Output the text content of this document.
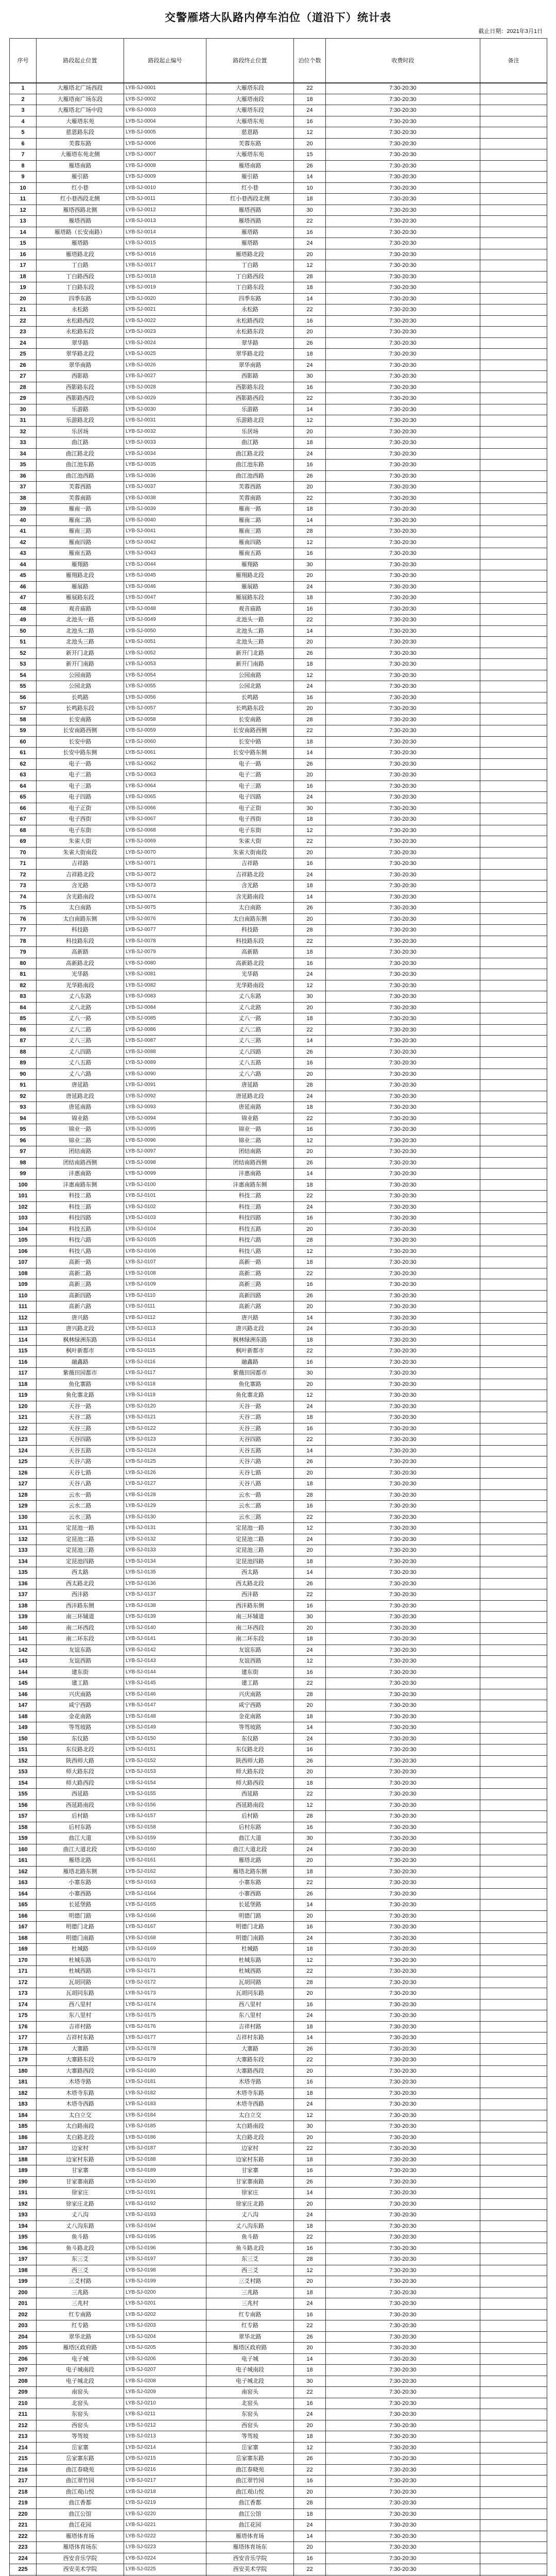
交警雁塔大队路内停车泊位（道沿下）统计表
截止日期：2021年3月1日
序号	路段起止位置	路段起止编号	路段终止位置	泊位个数	收费时段	备注
1	大雁塔北广场西段	LYB-SJ-0001	大雁塔东段	22	7:30-20:30	
2	大雁塔南广场东段	LYB-SJ-0002	大雁塔南段	18	7:30-20:30	
3	大雁塔北广场中段	LYB-SJ-0003	大雁塔东段	24	7:30-20:30	
4	大雁塔东苑	LYB-SJ-0004	大雁塔东苑	16	7:30-20:30	
5	慈恩路东段	LYB-SJ-0005	慈恩路	12	7:30-20:30	
6	芙蓉东路	LYB-SJ-0006	芙蓉东路	20	7:30-20:30	
7	大雁塔东苑北侧	LYB-SJ-0007	大雁塔东苑	15	7:30-20:30	
8	雁塔南路	LYB-SJ-0008	雁塔南路	26	7:30-20:30	
9	雁引路	LYB-SJ-0009	雁引路	14	7:30-20:30	
10	红小巷	LYB-SJ-0010	红小巷	10	7:30-20:30	
11	红小巷西段北侧	LYB-SJ-0011	红小巷西段北侧	18	7:30-20:30	
12	雁塔西路北侧	LYB-SJ-0012	雁塔西路	30	7:30-20:30	
13	雁塔西路	LYB-SJ-0013	雁塔西路	22	7:30-20:30	
14	雁塔路（长安南路）	LYB-SJ-0014	雁塔路	16	7:30-20:30	
15	雁塔路	LYB-SJ-0015	雁塔路	24	7:30-20:30	
16	雁塔路北段	LYB-SJ-0016	雁塔路北段	20	7:30-20:30	
17	丁白路	LYB-SJ-0017	丁白路	12	7:30-20:30	
18	丁白路西段	LYB-SJ-0018	丁白路西段	28	7:30-20:30	
19	丁白路东段	LYB-SJ-0019	丁白路东段	18	7:30-20:30	
20	四季东路	LYB-SJ-0020	四季东路	14	7:30-20:30	
21	永松路	LYB-SJ-0021	永松路	22	7:30-20:30	
22	永松路西段	LYB-SJ-0022	永松路西段	16	7:30-20:30	
23	永松路东段	LYB-SJ-0023	永松路东段	20	7:30-20:30	
24	翠华路	LYB-SJ-0024	翠华路	26	7:30-20:30	
25	翠华路北段	LYB-SJ-0025	翠华路北段	18	7:30-20:30	
26	翠华南路	LYB-SJ-0026	翠华南路	24	7:30-20:30	
27	西影路	LYB-SJ-0027	西影路	30	7:30-20:30	
28	西影路东段	LYB-SJ-0028	西影路东段	16	7:30-20:30	
29	西影路西段	LYB-SJ-0029	西影路西段	22	7:30-20:30	
30	乐游路	LYB-SJ-0030	乐游路	14	7:30-20:30	
31	乐游路北段	LYB-SJ-0031	乐游路北段	12	7:30-20:30	
32	乐居场	LYB-SJ-0032	乐居场	20	7:30-20:30	
33	曲江路	LYB-SJ-0033	曲江路	18	7:30-20:30	
34	曲江路北段	LYB-SJ-0034	曲江路北段	24	7:30-20:30	
35	曲江池东路	LYB-SJ-0035	曲江池东路	16	7:30-20:30	
36	曲江池西路	LYB-SJ-0036	曲江池西路	26	7:30-20:30	
37	芙蓉西路	LYB-SJ-0037	芙蓉西路	20	7:30-20:30	
38	芙蓉南路	LYB-SJ-0038	芙蓉南路	22	7:30-20:30	
39	雁南一路	LYB-SJ-0039	雁南一路	18	7:30-20:30	
40	雁南二路	LYB-SJ-0040	雁南二路	14	7:30-20:30	
41	雁南三路	LYB-SJ-0041	雁南三路	28	7:30-20:30	
42	雁南四路	LYB-SJ-0042	雁南四路	12	7:30-20:30	
43	雁南五路	LYB-SJ-0043	雁南五路	16	7:30-20:30	
44	雁翔路	LYB-SJ-0044	雁翔路	30	7:30-20:30	
45	雁翔路北段	LYB-SJ-0045	雁翔路北段	20	7:30-20:30	
46	雁展路	LYB-SJ-0046	雁展路	24	7:30-20:30	
47	雁展路东段	LYB-SJ-0047	雁展路东段	18	7:30-20:30	
48	观音庙路	LYB-SJ-0048	观音庙路	16	7:30-20:30	
49	北池头一路	LYB-SJ-0049	北池头一路	22	7:30-20:30	
50	北池头二路	LYB-SJ-0050	北池头二路	14	7:30-20:30	
51	北池头三路	LYB-SJ-0051	北池头三路	20	7:30-20:30	
52	新开门北路	LYB-SJ-0052	新开门北路	26	7:30-20:30	
53	新开门南路	LYB-SJ-0053	新开门南路	18	7:30-20:30	
54	公园南路	LYB-SJ-0054	公园南路	12	7:30-20:30	
55	公园北路	LYB-SJ-0055	公园北路	24	7:30-20:30	
56	长鸣路	LYB-SJ-0056	长鸣路	16	7:30-20:30	
57	长鸣路东段	LYB-SJ-0057	长鸣路东段	20	7:30-20:30	
58	长安南路	LYB-SJ-0058	长安南路	28	7:30-20:30	
59	长安南路西侧	LYB-SJ-0059	长安南路西侧	22	7:30-20:30	
60	长安中路	LYB-SJ-0060	长安中路	18	7:30-20:30	
61	长安中路东侧	LYB-SJ-0061	长安中路东侧	14	7:30-20:30	
62	电子一路	LYB-SJ-0062	电子一路	26	7:30-20:30	
63	电子二路	LYB-SJ-0063	电子二路	20	7:30-20:30	
64	电子三路	LYB-SJ-0064	电子三路	16	7:30-20:30	
65	电子四路	LYB-SJ-0065	电子四路	24	7:30-20:30	
66	电子正街	LYB-SJ-0066	电子正街	30	7:30-20:30	
67	电子西街	LYB-SJ-0067	电子西街	18	7:30-20:30	
68	电子东街	LYB-SJ-0068	电子东街	12	7:30-20:30	
69	朱雀大街	LYB-SJ-0069	朱雀大街	22	7:30-20:30	
70	朱雀大街南段	LYB-SJ-0070	朱雀大街南段	20	7:30-20:30	
71	吉祥路	LYB-SJ-0071	吉祥路	16	7:30-20:30	
72	吉祥路北段	LYB-SJ-0072	吉祥路北段	24	7:30-20:30	
73	含光路	LYB-SJ-0073	含光路	18	7:30-20:30	
74	含光路南段	LYB-SJ-0074	含光路南段	14	7:30-20:30	
75	太白南路	LYB-SJ-0075	太白南路	26	7:30-20:30	
76	太白南路东侧	LYB-SJ-0076	太白南路东侧	20	7:30-20:30	
77	科技路	LYB-SJ-0077	科技路	28	7:30-20:30	
78	科技路东段	LYB-SJ-0078	科技路东段	22	7:30-20:30	
79	高新路	LYB-SJ-0079	高新路	18	7:30-20:30	
80	高新路北段	LYB-SJ-0080	高新路北段	16	7:30-20:30	
81	光华路	LYB-SJ-0081	光华路	24	7:30-20:30	
82	光华路南段	LYB-SJ-0082	光华路南段	12	7:30-20:30	
83	丈八东路	LYB-SJ-0083	丈八东路	30	7:30-20:30	
84	丈八北路	LYB-SJ-0084	丈八北路	20	7:30-20:30	
85	丈八一路	LYB-SJ-0085	丈八一路	18	7:30-20:30	
86	丈八二路	LYB-SJ-0086	丈八二路	22	7:30-20:30	
87	丈八三路	LYB-SJ-0087	丈八三路	14	7:30-20:30	
88	丈八四路	LYB-SJ-0088	丈八四路	26	7:30-20:30	
89	丈八五路	LYB-SJ-0089	丈八五路	16	7:30-20:30	
90	丈八六路	LYB-SJ-0090	丈八六路	20	7:30-20:30	
91	唐延路	LYB-SJ-0091	唐延路	28	7:30-20:30	
92	唐延路北段	LYB-SJ-0092	唐延路北段	24	7:30-20:30	
93	唐延南路	LYB-SJ-0093	唐延南路	18	7:30-20:30	
94	锦业路	LYB-SJ-0094	锦业路	22	7:30-20:30	
95	锦业一路	LYB-SJ-0095	锦业一路	16	7:30-20:30	
96	锦业二路	LYB-SJ-0096	锦业二路	12	7:30-20:30	
97	团结南路	LYB-SJ-0097	团结南路	20	7:30-20:30	
98	团结南路西侧	LYB-SJ-0098	团结南路西侧	26	7:30-20:30	
99	沣惠南路	LYB-SJ-0099	沣惠南路	14	7:30-20:30	
100	沣惠南路东侧	LYB-SJ-0100	沣惠南路东侧	18	7:30-20:30	
101	科技二路	LYB-SJ-0101	科技二路	22	7:30-20:30	
102	科技三路	LYB-SJ-0102	科技三路	24	7:30-20:30	
103	科技四路	LYB-SJ-0103	科技四路	16	7:30-20:30	
104	科技五路	LYB-SJ-0104	科技五路	20	7:30-20:30	
105	科技六路	LYB-SJ-0105	科技六路	28	7:30-20:30	
106	科技八路	LYB-SJ-0106	科技八路	12	7:30-20:30	
107	高新一路	LYB-SJ-0107	高新一路	18	7:30-20:30	
108	高新二路	LYB-SJ-0108	高新二路	22	7:30-20:30	
109	高新三路	LYB-SJ-0109	高新三路	16	7:30-20:30	
110	高新四路	LYB-SJ-0110	高新四路	26	7:30-20:30	
111	高新六路	LYB-SJ-0111	高新六路	20	7:30-20:30	
112	唐兴路	LYB-SJ-0112	唐兴路	14	7:30-20:30	
113	唐兴路北段	LYB-SJ-0113	唐兴路北段	24	7:30-20:30	
114	枫林绿洲东路	LYB-SJ-0114	枫林绿洲东路	18	7:30-20:30	
115	枫叶新都市	LYB-SJ-0115	枫叶新都市	22	7:30-20:30	
116	融鑫路	LYB-SJ-0116	融鑫路	16	7:30-20:30	
117	紫薇田园都市	LYB-SJ-0117	紫薇田园都市	30	7:30-20:30	
118	鱼化寨路	LYB-SJ-0118	鱼化寨路	20	7:30-20:30	
119	鱼化寨北路	LYB-SJ-0119	鱼化寨北路	12	7:30-20:30	
120	天谷一路	LYB-SJ-0120	天谷一路	24	7:30-20:30	
121	天谷二路	LYB-SJ-0121	天谷二路	18	7:30-20:30	
122	天谷三路	LYB-SJ-0122	天谷三路	16	7:30-20:30	
123	天谷四路	LYB-SJ-0123	天谷四路	22	7:30-20:30	
124	天谷五路	LYB-SJ-0124	天谷五路	14	7:30-20:30	
125	天谷六路	LYB-SJ-0125	天谷六路	26	7:30-20:30	
126	天谷七路	LYB-SJ-0126	天谷七路	20	7:30-20:30	
127	天谷八路	LYB-SJ-0127	天谷八路	18	7:30-20:30	
128	云水一路	LYB-SJ-0128	云水一路	28	7:30-20:30	
129	云水二路	LYB-SJ-0129	云水二路	16	7:30-20:30	
130	云水三路	LYB-SJ-0130	云水三路	22	7:30-20:30	
131	定昆池一路	LYB-SJ-0131	定昆池一路	12	7:30-20:30	
132	定昆池二路	LYB-SJ-0132	定昆池二路	24	7:30-20:30	
133	定昆池三路	LYB-SJ-0133	定昆池三路	20	7:30-20:30	
134	定昆池四路	LYB-SJ-0134	定昆池四路	18	7:30-20:30	
135	西太路	LYB-SJ-0135	西太路	14	7:30-20:30	
136	西太路北段	LYB-SJ-0136	西太路北段	26	7:30-20:30	
137	西沣路	LYB-SJ-0137	西沣路	22	7:30-20:30	
138	西沣路东侧	LYB-SJ-0138	西沣路东侧	16	7:30-20:30	
139	南三环辅道	LYB-SJ-0139	南三环辅道	30	7:30-20:30	
140	南二环西段	LYB-SJ-0140	南二环西段	20	7:30-20:30	
141	南二环东段	LYB-SJ-0141	南二环东段	18	7:30-20:30	
142	友谊东路	LYB-SJ-0142	友谊东路	24	7:30-20:30	
143	友谊西路	LYB-SJ-0143	友谊西路	12	7:30-20:30	
144	建东街	LYB-SJ-0144	建东街	16	7:30-20:30	
145	建工路	LYB-SJ-0145	建工路	22	7:30-20:30	
146	兴庆南路	LYB-SJ-0146	兴庆南路	28	7:30-20:30	
147	咸宁西路	LYB-SJ-0147	咸宁西路	20	7:30-20:30	
148	金花南路	LYB-SJ-0148	金花南路	18	7:30-20:30	
149	等驾坡路	LYB-SJ-0149	等驾坡路	14	7:30-20:30	
150	东仪路	LYB-SJ-0150	东仪路	24	7:30-20:30	
151	东仪路北段	LYB-SJ-0151	东仪路北段	16	7:30-20:30	
152	陕西师大路	LYB-SJ-0152	陕西师大路	26	7:30-20:30	
153	师大路东段	LYB-SJ-0153	师大路东段	20	7:30-20:30	
154	师大路西段	LYB-SJ-0154	师大路西段	18	7:30-20:30	
155	西延路	LYB-SJ-0155	西延路	22	7:30-20:30	
156	西延路南段	LYB-SJ-0156	西延路南段	12	7:30-20:30	
157	后村路	LYB-SJ-0157	后村路	28	7:30-20:30	
158	后村东路	LYB-SJ-0158	后村东路	16	7:30-20:30	
159	曲江大道	LYB-SJ-0159	曲江大道	30	7:30-20:30	
160	曲江大道北段	LYB-SJ-0160	曲江大道北段	24	7:30-20:30	
161	雁塔北路	LYB-SJ-0161	雁塔北路	20	7:30-20:30	
162	雁塔北路东侧	LYB-SJ-0162	雁塔北路东侧	18	7:30-20:30	
163	小寨东路	LYB-SJ-0163	小寨东路	22	7:30-20:30	
164	小寨西路	LYB-SJ-0164	小寨西路	26	7:30-20:30	
165	长延堡路	LYB-SJ-0165	长延堡路	14	7:30-20:30	
166	明德门路	LYB-SJ-0166	明德门路	20	7:30-20:30	
167	明德门北路	LYB-SJ-0167	明德门北路	16	7:30-20:30	
168	明德门南路	LYB-SJ-0168	明德门南路	24	7:30-20:30	
169	杜城路	LYB-SJ-0169	杜城路	18	7:30-20:30	
170	杜城东路	LYB-SJ-0170	杜城东路	12	7:30-20:30	
171	杜城西路	LYB-SJ-0171	杜城西路	22	7:30-20:30	
172	瓦胡同路	LYB-SJ-0172	瓦胡同路	28	7:30-20:30	
173	瓦胡同东路	LYB-SJ-0173	瓦胡同东路	20	7:30-20:30	
174	西八里村	LYB-SJ-0174	西八里村	16	7:30-20:30	
175	东八里村	LYB-SJ-0175	东八里村	24	7:30-20:30	
176	吉祥村路	LYB-SJ-0176	吉祥村路	18	7:30-20:30	
177	吉祥村东路	LYB-SJ-0177	吉祥村东路	14	7:30-20:30	
178	大寨路	LYB-SJ-0178	大寨路	26	7:30-20:30	
179	大寨路东段	LYB-SJ-0179	大寨路东段	22	7:30-20:30	
180	大寨路西段	LYB-SJ-0180	大寨路西段	20	7:30-20:30	
181	木塔寺路	LYB-SJ-0181	木塔寺路	16	7:30-20:30	
182	木塔寺东路	LYB-SJ-0182	木塔寺东路	18	7:30-20:30	
183	木塔寺西路	LYB-SJ-0183	木塔寺西路	24	7:30-20:30	
184	太白立交	LYB-SJ-0184	太白立交	12	7:30-20:30	
185	太白路南段	LYB-SJ-0185	太白路南段	30	7:30-20:30	
186	太白路北段	LYB-SJ-0186	太白路北段	20	7:30-20:30	
187	边家村	LYB-SJ-0187	边家村	22	7:30-20:30	
188	边家村东路	LYB-SJ-0188	边家村东路	18	7:30-20:30	
189	甘家寨	LYB-SJ-0189	甘家寨	16	7:30-20:30	
190	甘家寨南路	LYB-SJ-0190	甘家寨南路	26	7:30-20:30	
191	徐家庄	LYB-SJ-0191	徐家庄	14	7:30-20:30	
192	徐家庄北路	LYB-SJ-0192	徐家庄北路	20	7:30-20:30	
193	丈八沟	LYB-SJ-0193	丈八沟	24	7:30-20:30	
194	丈八沟东路	LYB-SJ-0194	丈八沟东路	18	7:30-20:30	
195	鱼斗路	LYB-SJ-0195	鱼斗路	22	7:30-20:30	
196	鱼斗路北段	LYB-SJ-0196	鱼斗路北段	16	7:30-20:30	
197	东三爻	LYB-SJ-0197	东三爻	28	7:30-20:30	
198	西三爻	LYB-SJ-0198	西三爻	12	7:30-20:30	
199	三爻村路	LYB-SJ-0199	三爻村路	20	7:30-20:30	
200	三兆路	LYB-SJ-0200	三兆路	18	7:30-20:30	
201	三兆村	LYB-SJ-0201	三兆村	24	7:30-20:30	
202	红专南路	LYB-SJ-0202	红专南路	16	7:30-20:30	
203	红专路	LYB-SJ-0203	红专路	22	7:30-20:30	
204	翠华北路	LYB-SJ-0204	翠华北路	26	7:30-20:30	
205	雁塔区政府路	LYB-SJ-0205	雁塔区政府路	20	7:30-20:30	
206	电子城	LYB-SJ-0206	电子城	14	7:30-20:30	
207	电子城南段	LYB-SJ-0207	电子城南段	18	7:30-20:30	
208	电子城北段	LYB-SJ-0208	电子城北段	30	7:30-20:30	
209	南窑头	LYB-SJ-0209	南窑头	22	7:30-20:30	
210	北窑头	LYB-SJ-0210	北窑头	16	7:30-20:30	
211	东窑头	LYB-SJ-0211	东窑头	24	7:30-20:30	
212	西窑头	LYB-SJ-0212	西窑头	20	7:30-20:30	
213	等驾坡	LYB-SJ-0213	等驾坡	18	7:30-20:30	
214	岳家寨	LYB-SJ-0214	岳家寨	12	7:30-20:30	
215	岳家寨东路	LYB-SJ-0215	岳家寨东路	26	7:30-20:30	
216	曲江春晓苑	LYB-SJ-0216	曲江春晓苑	22	7:30-20:30	
217	曲江翠竹园	LYB-SJ-0217	曲江翠竹园	16	7:30-20:30	
218	曲江观山悦	LYB-SJ-0218	曲江观山悦	20	7:30-20:30	
219	曲江香都	LYB-SJ-0219	曲江香都	28	7:30-20:30	
220	曲江公馆	LYB-SJ-0220	曲江公馆	18	7:30-20:30	
221	曲江花园	LYB-SJ-0221	曲江花园	24	7:30-20:30	
222	雁塔体育场	LYB-SJ-0222	雁塔体育场	14	7:30-20:30	
223	雁塔体育场东	LYB-SJ-0223	雁塔体育场东	20	7:30-20:30	
224	西安音乐学院	LYB-SJ-0224	西安音乐学院	16	7:30-20:30	
225	西安美术学院	LYB-SJ-0225	西安美术学院	22	7:30-20:30	
